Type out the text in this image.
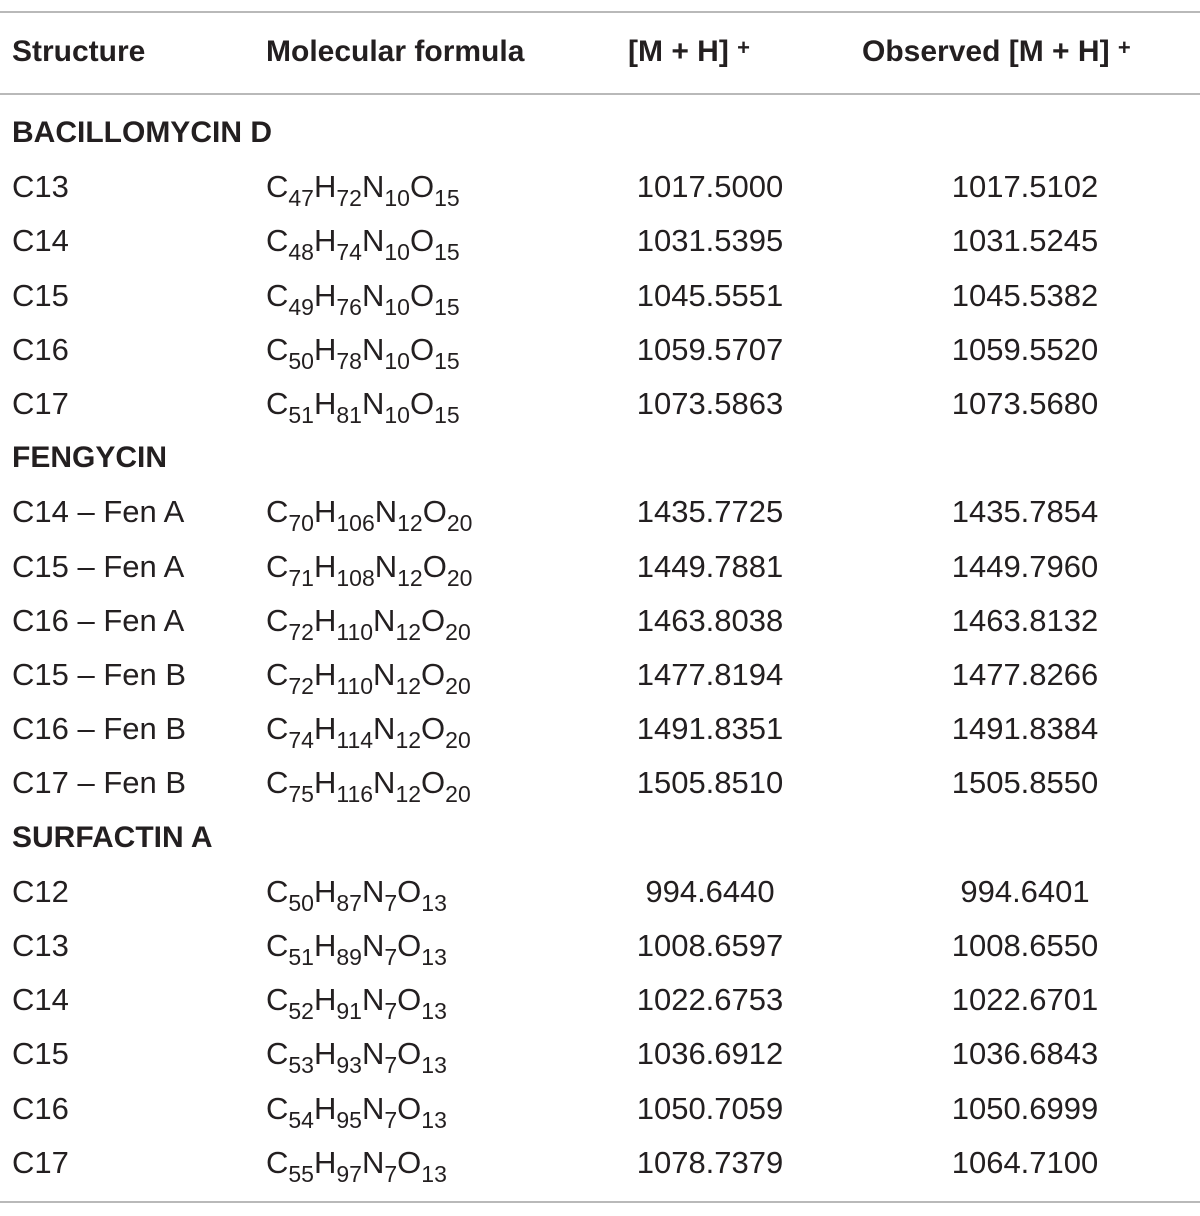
Structure	Molecular formula	[M + H] +	Observed [M + H] +
BACILLOMYCIN D
C13	$C_{47}H_{72}N_{10}O_{15}$	1017.5000	1017.5102
C14	$C_{48}H_{74}N_{10}O_{15}$	1031.5395	1031.5245
C15	$C_{49}H_{76}N_{10}O_{15}$	1045.5551	1045.5382
C16	$C_{50}H_{78}N_{10}O_{15}$	1059.5707	1059.5520
C17	$C_{51}H_{81}N_{10}O_{15}$	1073.5863	1073.5680
FENGYCIN
C14 – Fen A	$C_{70}H_{106}N_{12}O_{20}$	1435.7725	1435.7854
C15 – Fen A	$C_{71}H_{108}N_{12}O_{20}$	1449.7881	1449.7960
C16 – Fen A	$C_{72}H_{110}N_{12}O_{20}$	1463.8038	1463.8132
C15 – Fen B	$C_{72}H_{110}N_{12}O_{20}$	1477.8194	1477.8266
C16 – Fen B	$C_{74}H_{114}N_{12}O_{20}$	1491.8351	1491.8384
C17 – Fen B	$C_{75}H_{116}N_{12}O_{20}$	1505.8510	1505.8550
SURFACTIN A
C12	$C_{50}H_{87}N_7O_{13}$	994.6440	994.6401
C13	$C_{51}H_{89}N_7O_{13}$	1008.6597	1008.6550
C14	$C_{52}H_{91}N_7O_{13}$	1022.6753	1022.6701
C15	$C_{53}H_{93}N_7O_{13}$	1036.6912	1036.6843
C16	$C_{54}H_{95}N_7O_{13}$	1050.7059	1050.6999
C17	$C_{55}H_{97}N_7O_{13}$	1078.7379	1064.7100
